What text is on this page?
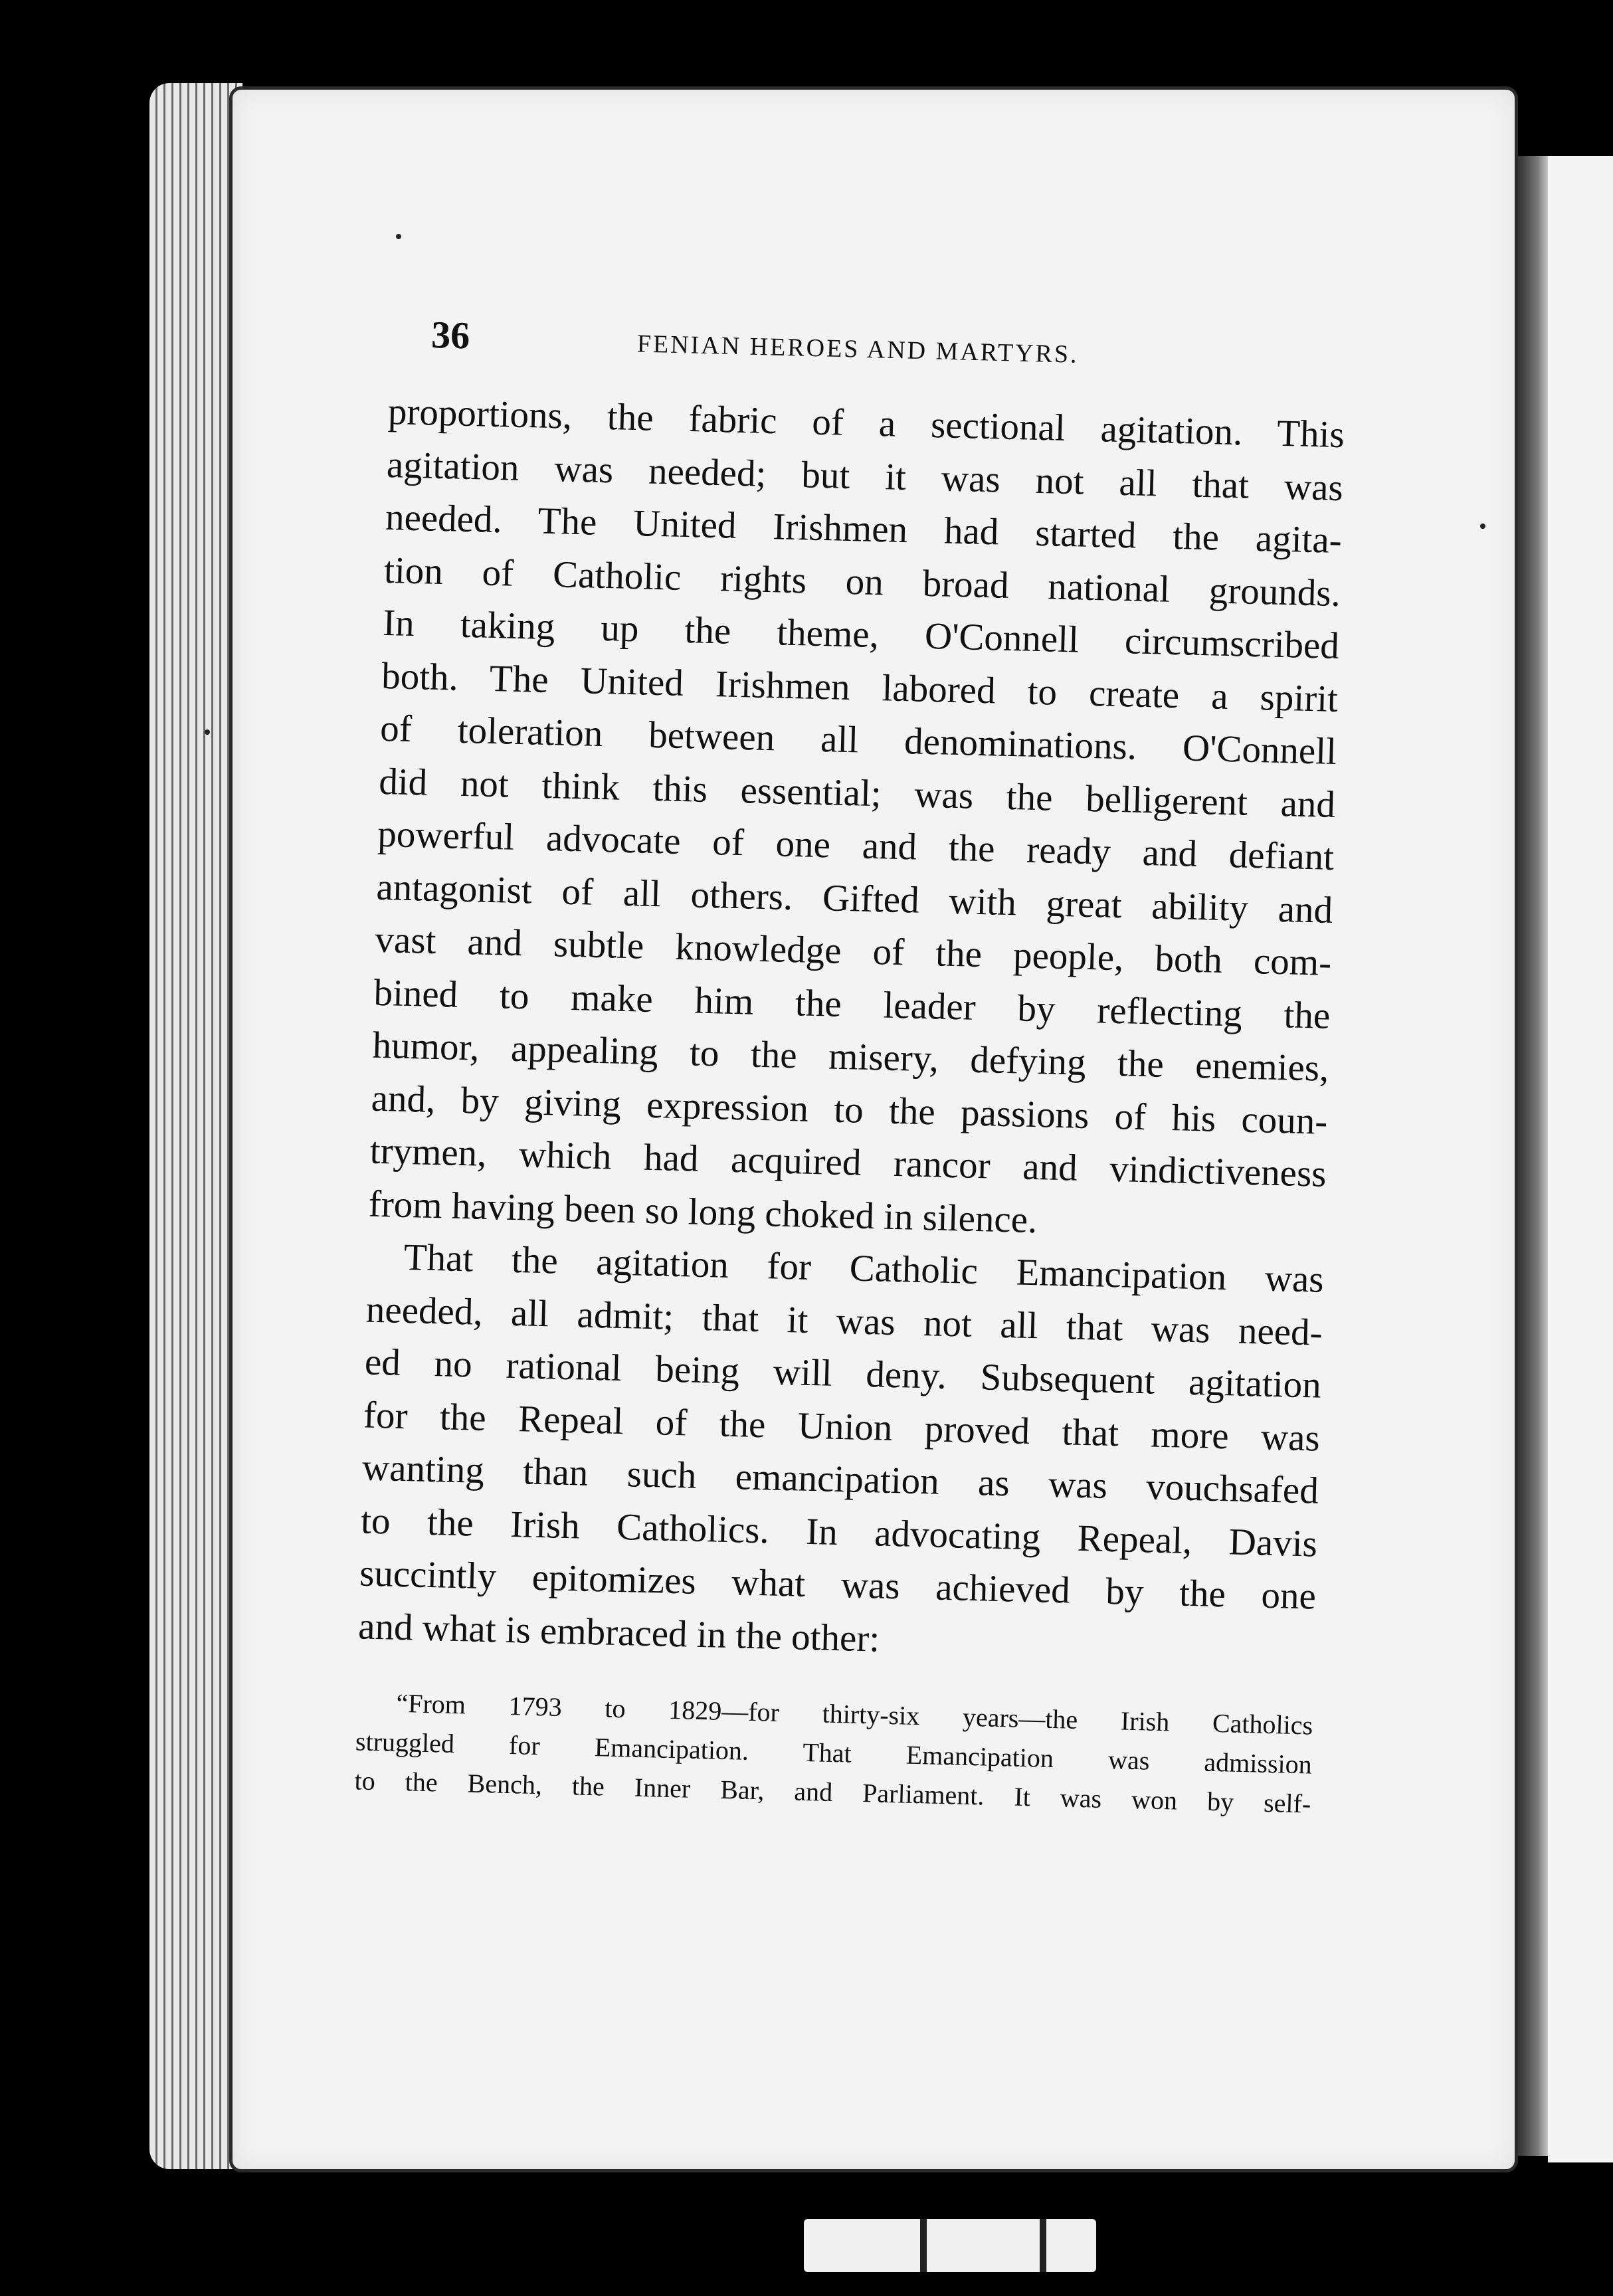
36	FENIAN HEROES AND MARTYRS.
proportions, the fabric of a sectional agitation. This
agitation was needed; but it was not all that was
needed. The United Irishmen had started the agita-
tion of Catholic rights on broad national grounds.
In taking up the theme, O'Connell circumscribed
both. The United Irishmen labored to create a spirit
of toleration between all denominations. O'Connell
did not think this essential; was the belligerent and
powerful advocate of one and the ready and defiant
antagonist of all others. Gifted with great ability and
vast and subtle knowledge of the people, both com-
bined to make him the leader by reflecting the
humor, appealing to the misery, defying the enemies,
and, by giving expression to the passions of his coun-
trymen, which had acquired rancor and vindictiveness
from having been so long choked in silence.
That the agitation for Catholic Emancipation was
needed, all admit; that it was not all that was need-
ed no rational being will deny. Subsequent agitation
for the Repeal of the Union proved that more was
wanting than such emancipation as was vouchsafed
to the Irish Catholics. In advocating Repeal, Davis
succintly epitomizes what was achieved by the one
and what is embraced in the other:
“From 1793 to 1829—for thirty-six years—the Irish Catholics
struggled for Emancipation. That Emancipation was admission
to the Bench, the Inner Bar, and Parliament. It was won by self-
